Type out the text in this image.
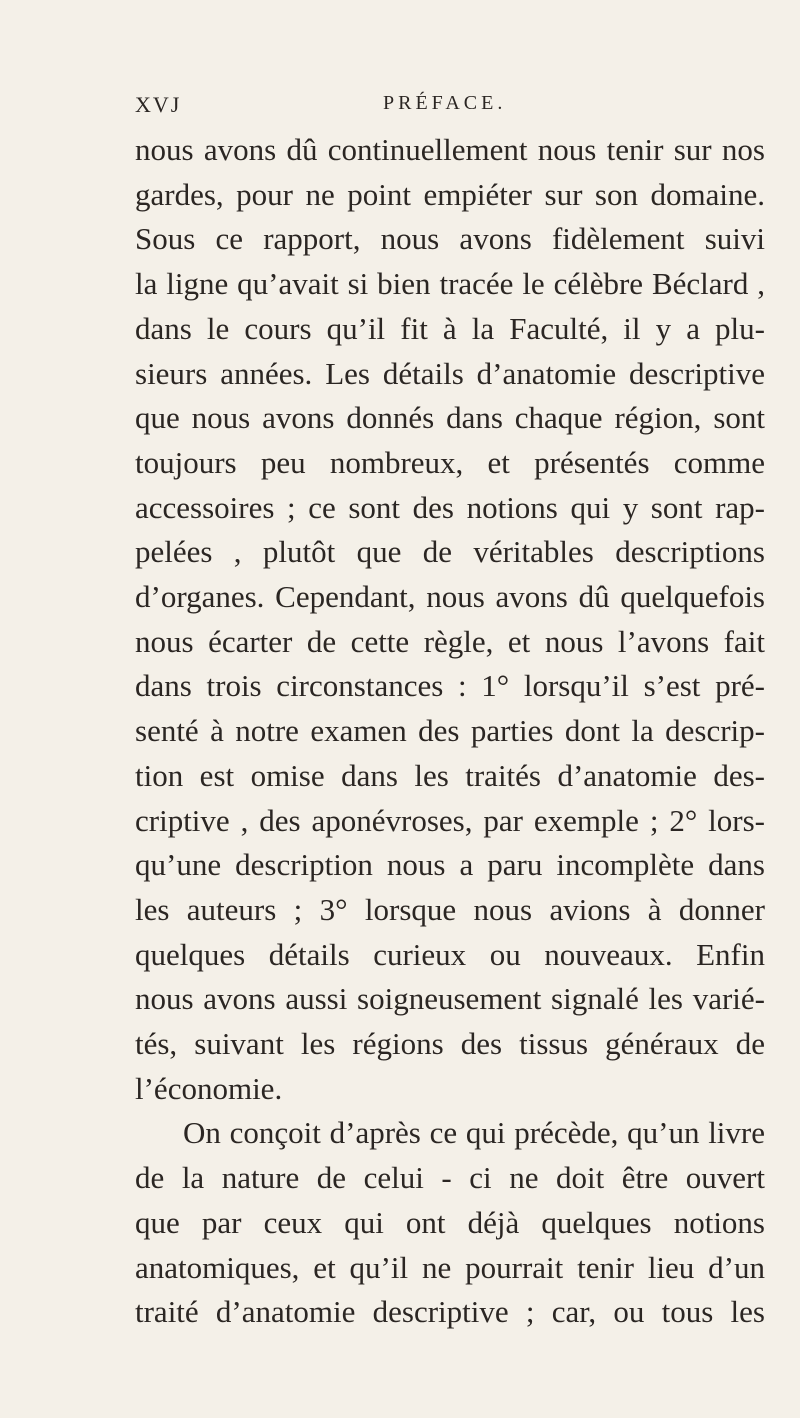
XVJ	PRÉFACE.
nous avons dû continuellement nous tenir sur nos
gardes, pour ne point empiéter sur son domaine.
Sous ce rapport, nous avons fidèlement suivi
la ligne qu’avait si bien tracée le célèbre Béclard ,
dans le cours qu’il fit à la Faculté, il y a plu-
sieurs années. Les détails d’anatomie descriptive
que nous avons donnés dans chaque région, sont
toujours peu nombreux, et présentés comme
accessoires ; ce sont des notions qui y sont rap-
pelées , plutôt que de véritables descriptions
d’organes. Cependant, nous avons dû quelquefois
nous écarter de cette règle, et nous l’avons fait
dans trois circonstances : 1° lorsqu’il s’est pré-
senté à notre examen des parties dont la descrip-
tion est omise dans les traités d’anatomie des-
criptive , des aponévroses, par exemple ; 2° lors-
qu’une description nous a paru incomplète dans
les auteurs ; 3° lorsque nous avions à donner
quelques détails curieux ou nouveaux. Enfin
nous avons aussi soigneusement signalé les varié-
tés, suivant les régions des tissus généraux de
l’économie.
On conçoit d’après ce qui précède, qu’un livre
de la nature de celui - ci ne doit être ouvert
que par ceux qui ont déjà quelques notions
anatomiques, et qu’il ne pourrait tenir lieu d’un
traité d’anatomie descriptive ; car, ou tous les
